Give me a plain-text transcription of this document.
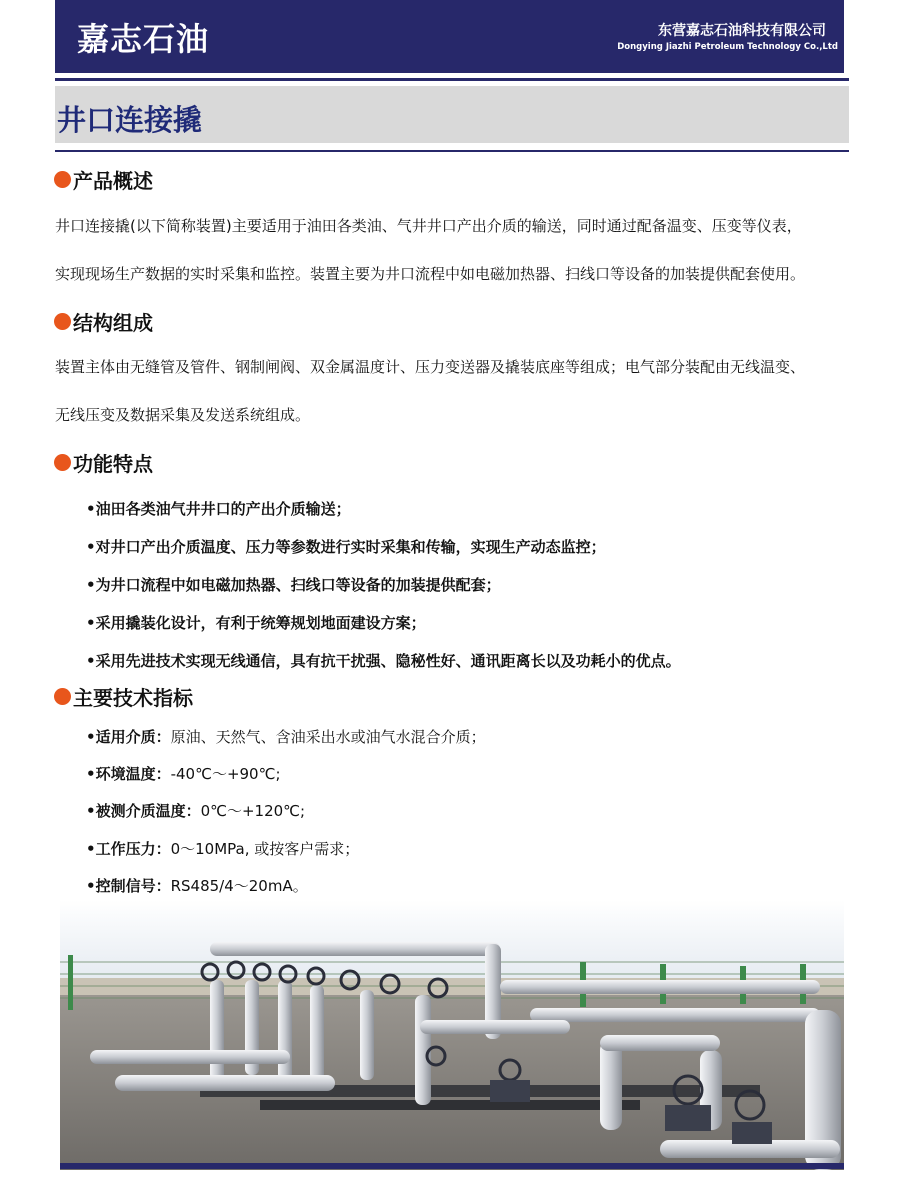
嘉志石油	东营嘉志石油科技有限公司
Dongying Jiazhi Petroleum Technology Co.,Ltd
井口连接撬
产品概述
井口连接撬(以下简称装置)主要适用于油田各类油、气井井口产出介质的输送，同时通过配备温变、压变等仪表，
实现现场生产数据的实时采集和监控。装置主要为井口流程中如电磁加热器、扫线口等设备的加装提供配套使用。
结构组成
装置主体由无缝管及管件、钢制闸阀、双金属温度计、压力变送器及撬装底座等组成；电气部分装配由无线温变、
无线压变及数据采集及发送系统组成。
功能特点
•油田各类油气井井口的产出介质输送；
•对井口产出介质温度、压力等参数进行实时采集和传输，实现生产动态监控；
•为井口流程中如电磁加热器、扫线口等设备的加装提供配套；
•采用撬装化设计，有利于统筹规划地面建设方案；
•采用先进技术实现无线通信，具有抗干扰强、隐秘性好、通讯距离长以及功耗小的优点。
主要技术指标
•适用介质：原油、天然气、含油采出水或油气水混合介质；
•环境温度：-40℃～+90℃;
•被测介质温度：0℃～+120℃;
•工作压力：0～10MPa, 或按客户需求；
•控制信号：RS485/4～20mA。
